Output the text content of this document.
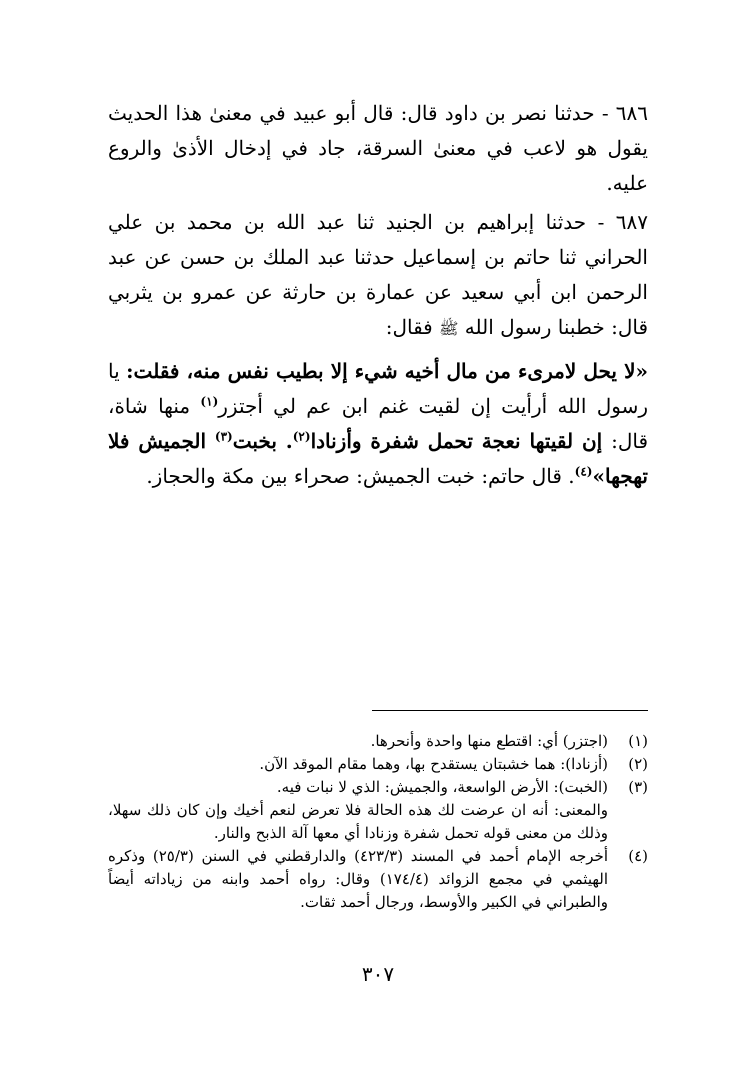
٦٨٦ - حدثنا نصر بن داود قال: قال أبو عبيد في معنىٰ هذا الحديث يقول هو لاعب في معنىٰ السرقة، جاد في إدخال الأذىٰ والروع عليه.

٦٨٧ - حدثنا إبراهيم بن الجنيد ثنا عبد الله بن محمد بن علي الحراني ثنا حاتم بن إسماعيل حدثنا عبد الملك بن حسن عن عبد الرحمن ابن أبي سعيد عن عمارة بن حارثة عن عمرو بن يثربي قال: خطبنا رسول الله ﷺ فقال:

«لا يحل لامرىء من مال أخيه شيء إلا بطيب نفس منه، فقلت: يا رسول الله أرأيت إن لقيت غنم ابن عم لي أجتزر$^{(١)}$ منها شاة، قال: إن لقيتها نعجة تحمل شفرة وأزنادا$^{(٢)}$. بخبت$^{(٣)}$ الجميش فلا تهجها»$^{(٤)}$. قال حاتم: خبت الجميش: صحراء بين مكة والحجاز.

(١)
(اجتزر) أي: اقتطع منها واحدة وأنحرها.
(٢)
(أزنادا): هما خشبتان يستقدح بها، وهما مقام الموقد الآن.
(٣)
(الخبت): الأرض الواسعة، والجميش: الذي لا نبات فيه.
والمعنى: أنه ان عرضت لك هذه الحالة فلا تعرض لنعم أخيك وإن كان ذلك سهلا، وذلك من معنى قوله تحمل شفرة وزنادا أي معها آلة الذبح والنار.
(٤)
أخرجه الإمام أحمد في المسند (٤٢٣/٣) والدارقطني في السنن (٢٥/٣) وذكره الهيثمي في مجمع الزوائد (١٧٤/٤) وقال: رواه أحمد وابنه من زياداته أيضاً والطبراني في الكبير والأوسط، ورجال أحمد ثقات.
٣٠٧
